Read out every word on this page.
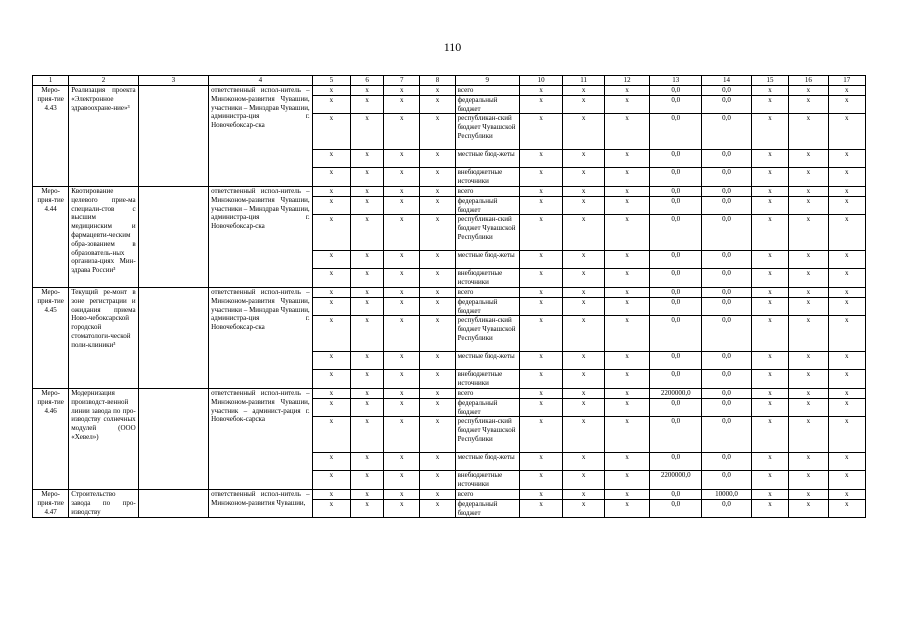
110
1	2	3	4	5	6	7	8	9	10	11	12	13	14	15	16	17
Меро-прия-тие 4.43	Реализация проекта «Электронное здравоохране-ние»³		ответственный испол-нитель – Минэконом-развития Чувашии, участники – Минздрав Чувашии, администра-ция г. Новочебоксар-ска	x	x	x	x	всего	x	x	x	0,0	0,0	x	x	x
				x	x	x	x	федеральный бюджет	x	x	x	0,0	0,0	x	x	x
				x	x	x	x	республикан-ский бюджет Чувашской Республики	x	x	x	0,0	0,0	x	x	x
				x	x	x	x	местные бюд-жеты	x	x	x	0,0	0,0	x	x	x
				x	x	x	x	внебюджетные источники	x	x	x	0,0	0,0	x	x	x
Меро-прия-тие 4.44	Квотирование целевого прие-ма специали-стов с высшим медицинским и фармацевти-ческим обра-зованием в образователь-ных организа-циях Мин-здрава России³		ответственный испол-нитель – Минэконом-развития Чувашии, участники – Минздрав Чувашии, администра-ция г. Новочебоксар-ска	x	x	x	x	всего	x	x	x	0,0	0,0	x	x	x
				x	x	x	x	федеральный бюджет	x	x	x	0,0	0,0	x	x	x
				x	x	x	x	республикан-ский бюджет Чувашской Республики	x	x	x	0,0	0,0	x	x	x
				x	x	x	x	местные бюд-жеты	x	x	x	0,0	0,0	x	x	x
				x	x	x	x	внебюджетные источники	x	x	x	0,0	0,0	x	x	x
Меро-прия-тие 4.45	Текущий ре-монт в зоне регистрации и ожидания приема Ново-чебоксарской городской стоматологи-ческой поли-клиники³		ответственный испол-нитель – Минэконом-развития Чувашии, участники – Минздрав Чувашии, администра-ция г. Новочебоксар-ска	x	x	x	x	всего	x	x	x	0,0	0,0	x	x	x
				x	x	x	x	федеральный бюджет	x	x	x	0,0	0,0	x	x	x
				x	x	x	x	республикан-ский бюджет Чувашской Республики	x	x	x	0,0	0,0	x	x	x
				x	x	x	x	местные бюд-жеты	x	x	x	0,0	0,0	x	x	x
				x	x	x	x	внебюджетные источники	x	x	x	0,0	0,0	x	x	x
Меро-прия-тие 4.46	Модернизация производст-венной линии завода по про-изводству солнечных модулей (ООО «Хевел»)		ответственный испол-нитель – Минэконом-развития Чувашии, участник – админист-рация г. Новочебок-сарска	x	x	x	x	всего	x	x	x	2200000,0	0,0	x	x	x
				x	x	x	x	федеральный бюджет	x	x	x	0,0	0,0	x	x	x
				x	x	x	x	республикан-ский бюджет Чувашской Республики	x	x	x	0,0	0,0	x	x	x
				x	x	x	x	местные бюд-жеты	x	x	x	0,0	0,0	x	x	x
				x	x	x	x	внебюджетные источники	x	x	x	2200000,0	0,0	x	x	x
Меро-прия-тие 4.47	Строительство завода по про-изводству		ответственный испол-нитель – Минэконом-развития Чувашии,	x	x	x	x	всего	x	x	x	0,0	10000,0	x	x	x
				x	x	x	x	федеральный бюджет	x	x	x	0,0	0,0	x	x	x
